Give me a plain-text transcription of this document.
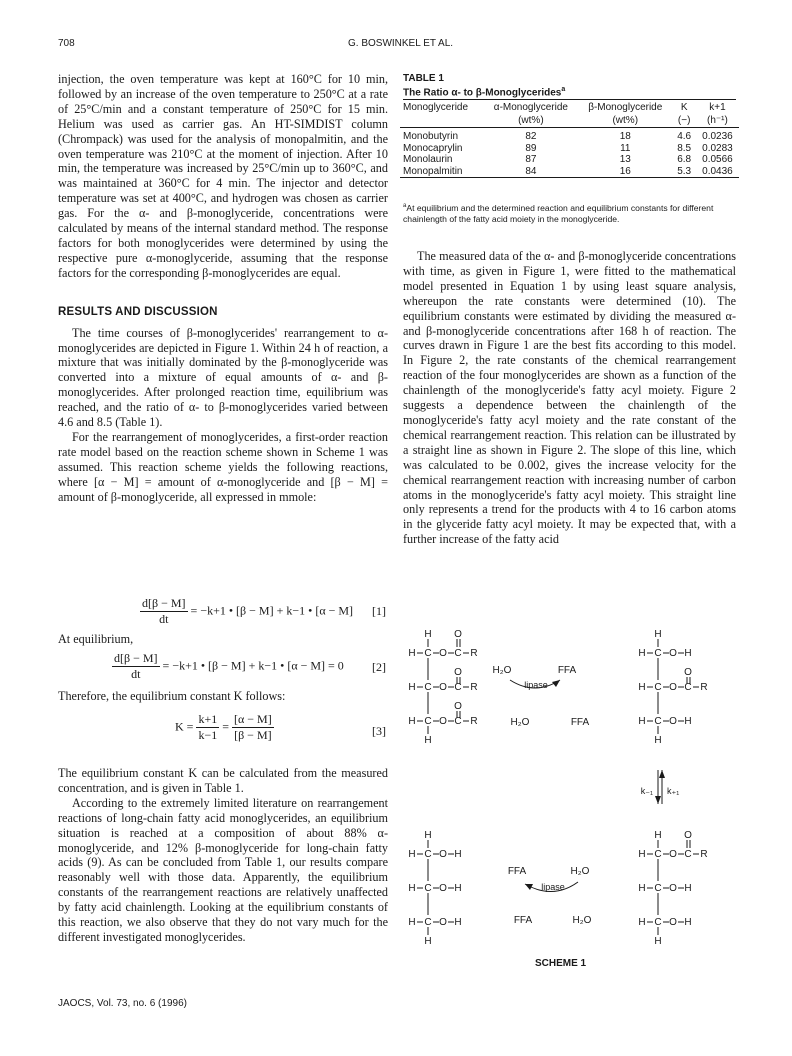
708	G. BOSWINKEL ET AL.

injection, the oven temperature was kept at 160°C for 10 min, followed by an increase of the oven temperature to 250°C at a rate of 25°C/min and a constant temperature of 250°C for 15 min. Helium was used as carrier gas. An HT-SIMDIST column (Chrompack) was used for the analysis of monopalmitin, and the oven temperature was 210°C at the moment of injection. After 10 min, the temperature was increased by 25°C/min up to 360°C, and was maintained at 360°C for 4 min. The injector and detector temperature was set at 400°C, and hydrogen was chosen as carrier gas. For the α- and β-monoglyceride, concentrations were calculated by means of the internal standard method. The response factors for both monoglycerides were determined by using the respective pure α-monoglyceride, assuming that the response factors for the corresponding β-monoglycerides are equal.

RESULTS AND DISCUSSION

The time courses of β-monoglycerides' rearrangement to α-monoglycerides are depicted in Figure 1. Within 24 h of reaction, a mixture that was initially dominated by the β-monoglyceride was converted into a mixture of equal amounts of α- and β-monoglycerides. After prolonged reaction time, equilibrium was reached, and the ratio of α- to β-monoglycerides varied between 4.6 and 8.5 (Table 1).

For the rearrangement of monoglycerides, a first-order reaction rate model based on the reaction scheme shown in Scheme 1 was assumed. This reaction scheme yields the following reactions, where [α − M] = amount of α-monoglyceride and [β − M] = amount of β-monoglyceride, all expressed in mmole:

$\frac{d[\beta - M]}{dt} = -k+1$ • [β − M] + k−1 • [α − M] [1]
At equilibrium,
$\frac{d[\beta - M]}{dt} = -k+1$ • [β − M] + k−1 • [α − M] = 0 [2]
Therefore, the equilibrium constant K follows:
$K = \frac{k+1}{k-1} = \frac{[\alpha - M]}{[\beta - M]}$	[3]

The equilibrium constant K can be calculated from the measured concentration, and is given in Table 1.

According to the extremely limited literature on rearrangement reactions of long-chain fatty acid monoglycerides, an equilibrium situation is reached at a composition of about 88% α-monoglyceride, and 12% β-monoglyceride for long-chain fatty acids (9). As can be concluded from Table 1, our results compare reasonably well with those data. Apparently, the equilibrium constants of the rearrangement reactions are relatively unaffected by fatty acid chainlength. Looking at the equilibrium constants of this reaction, we also observe that they do not vary much for the different investigated monoglycerides.

TABLE 1
The Ratio α- to β-Monoglycerides$^a$
Monoglyceride	α-Monoglyceride	β-Monoglyceride	K	k+1
	(wt%)	(wt%)	(−)	(h⁻¹)
Monobutyrin	82	18	4.6	0.0236
Monocaprylin	89	11	8.5	0.0283
Monolaurin	87	13	6.8	0.0566
Monopalmitin	84	16	5.3	0.0436
$^a$At equilibrium and the determined reaction and equilibrium constants for different chainlength of the fatty acid moiety in the monoglyceride.

The measured data of the α- and β-monoglyceride concentrations with time, as given in Figure 1, were fitted to the mathematical model presented in Equation 1 by using least square analysis, whereupon the rate constants were determined (10). The equilibrium constants were estimated by dividing the measured α- and β-monoglyceride concentrations after 168 h of reaction. The curves drawn in Figure 1 are the best fits according to this model. In Figure 2, the rate constants of the chemical rearrangement reaction of the four monoglycerides are shown as a function of the chainlength of the monoglyceride's fatty acyl moiety. Figure 2 suggests a dependence between the chainlength of the monoglyceride's fatty acyl moiety and the rate constant of the chemical rearrangement reaction. This relation can be illustrated by a straight line as shown in Figure 2. The slope of this line, which was calculated to be 0.002, gives the increase velocity for the chemical rearrangement reaction with increasing number of carbon atoms in the monoglyceride's fatty acyl moiety. This straight line only represents a trend for the products with 4 to 16 carbon atoms in the glyceride fatty acyl moiety. It may be expected that, with a further increase of the fatty acid

H O
H C O C R
O
H C O C R
O
H C O C R
H
H₂O	FFA
lipase
H₂O	FFA
H
H C O H
O
H C O C R
H C O H
H
k₋₁ k₊₁
H
H C O H
H C O H
H C O H
H
FFA	H₂O
lipase
FFA	H₂O
H O
H C O C R
H C O H
H C O H
H
SCHEME 1
JAOCS, Vol. 73, no. 6 (1996)
